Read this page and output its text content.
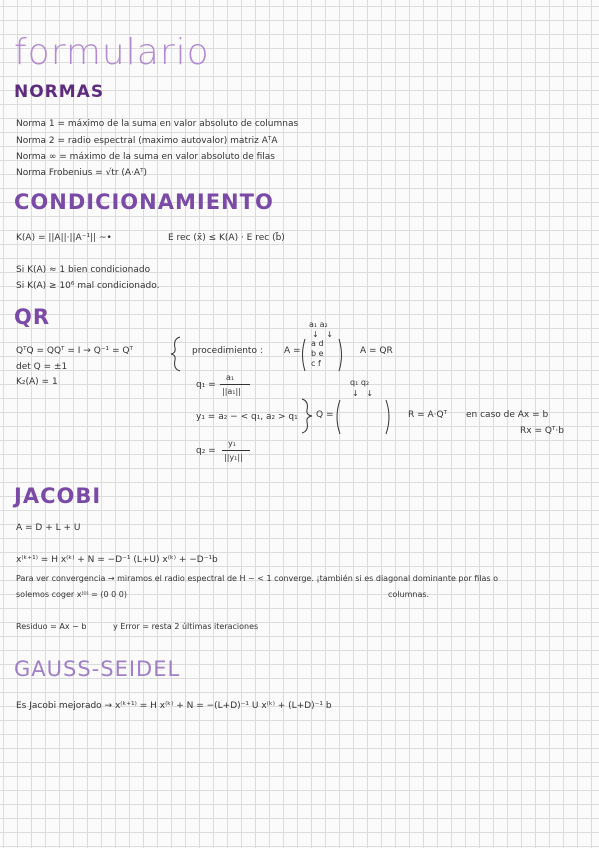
formulario
NORMAS
Norma 1 = máximo de la suma en valor absoluto de columnas
Norma 2 = radio espectral (maximo autovalor) matriz AᵀA
Norma ∞ = máximo de la suma en valor absoluto de filas
Norma Frobenius = √tr (A·Aᵀ)
CONDICIONAMIENTO
K(A) = ||A||·||A⁻¹|| ~•	E rec (x̃) ≤ K(A) · E rec (b̃)
Si K(A) ≈ 1 bien condicionado
Si K(A) ≥ 10⁶ mal condicionado.
QR
QᵀQ = QQᵀ = I → Q⁻¹ = Qᵀ
det Q = ±1
K₂(A) = 1
procedimiento :
a₁ a₂
↓   ↓
A =
a d
b e
c f
A = QR
q₁ =
a₁
||a₁||
y₁ = a₂ − < q₁, a₂ > q₁
q₂ =
y₁
||y₁||
q₁ q₂
↓   ↓
Q =	R = A·Qᵀ en caso de Ax = b
Rx = Qᵀ·b
JACOBI
A = D + L + U
x⁽ᵏ⁺¹⁾ = H x⁽ᵏ⁾ + N = −D⁻¹ (L+U) x⁽ᵏ⁾ + −D⁻¹b
Para ver convergencia → miramos el radio espectral de H ~ < 1 converge. ¡también si es diagonal dominante por filas o
solemos coger x⁽⁰⁾ = (0 0 0)	columnas.
Residuo = Ax − b	y Error = resta 2 últimas iteraciones
GAUSS-SEIDEL
Es Jacobi mejorado → x⁽ᵏ⁺¹⁾ = H x⁽ᵏ⁾ + N = −(L+D)⁻¹ U x⁽ᵏ⁾ + (L+D)⁻¹ b
